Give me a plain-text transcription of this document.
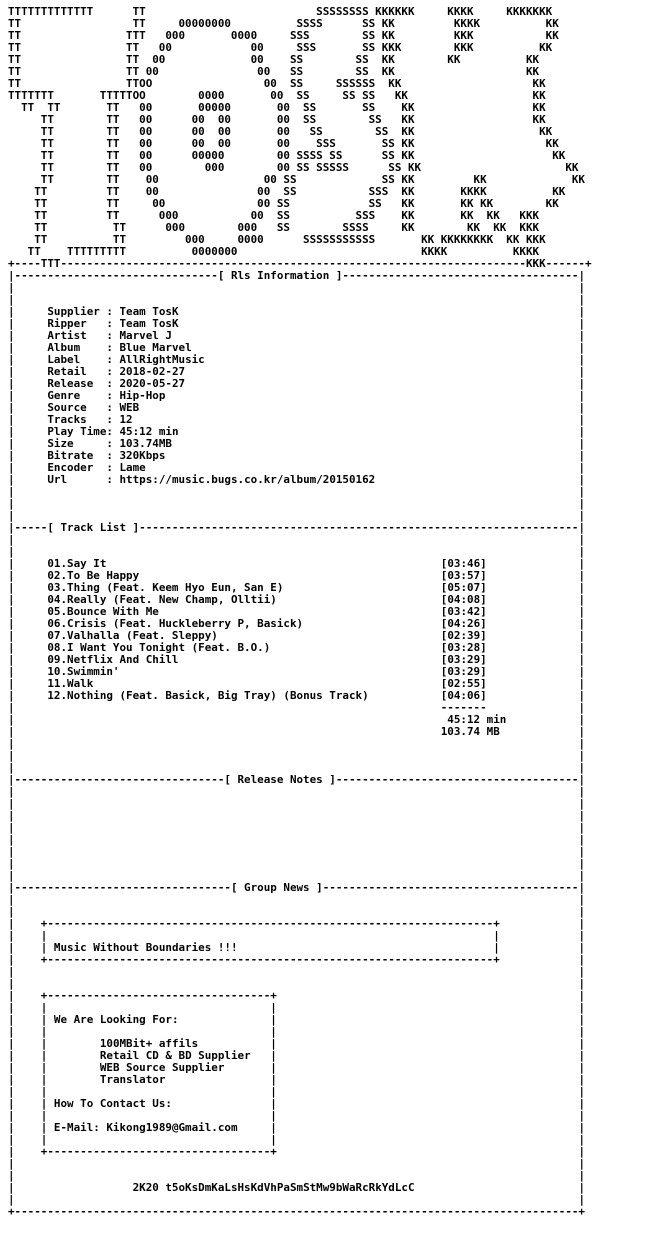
TTTTTTTTTTTTT      TT                          SSSSSSSS KKKKKK     KKKK     KKKKKKK
TT                 TT     00000000          SSSS      SS KK         KKKK          KK
TT                TTT   000       0000     SSS        SS KK         KKK           KK
TT                TT   00            00     SSS       SS KKK        KKK          KK
TT                TT  00             00    SS        SS  KK        KK          KK
TT                TT 00               00   SS        SS  KK                    KK
TT                TTOO                 00  SS     SSSSSS  KK                    KK
TTTTTTT       TTTTTOO        0000       00  SS     SS SS   KK                   KK
TT  TT       TT   00       00000       00  SS       SS    KK                  KK
TT        TT   00      00  00       00  SS        SS   KK                  KK
TT        TT   00      00  00       00   SS        SS  KK                   KK
TT        TT   00      00  00       00    SSS       SS KK                    KK
TT        TT   00      00000        00 SSSS SS      SS KK                     KK
TT        TT   00        000        00 SS SSSSS      SS KK                      KK
TT        TT    00                00 SS             SS KK         KK             KK
TT         TT    00               00  SS           SSS  KK       KKKK          KK
TT         TT     00              00 SS            SS   KK       KK KK        KK
TT         TT      000           00  SS          SSS    KK       KK  KK   KKK
TT          TT      000        000   SS        SSSS     KK        KK  KK  KKK
TT          TT         000     0000      SSSSSSSSSSS       KK KKKKKKKK  KK KKK
TT    TTTTTTTTT          0000000                            KKKK          KKKK
+----TTT-----------------------------------------------------------------------KKK------+
|-------------------------------[ Rls Information ]------------------------------------|
|                                                                                      |
|                                                                                      |
|	Supplier : Team TosK                                                             |
|	Ripper   : Team TosK                                                             |
|	Artist   : Marvel J                                                              |
|	Album    : Blue Marvel                                                           |
|	Label    : AllRightMusic                                                         |
|	Retail   : 2018-02-27                                                            |
|	Release  : 2020-05-27                                                            |
|	Genre    : Hip-Hop                                                               |
|	Source   : WEB                                                                   |
|	Tracks   : 12                                                                    |
|	Play Time: 45:12 min                                                             |
|	Size     : 103.74MB                                                              |
|	Bitrate  : 320Kbps                                                               |
|	Encoder  : Lame                                                                  |
|	Url      : https://music.bugs.co.kr/album/20150162                               |
|                                                                                      |
|                                                                                      |
|                                                                                      |
|-----[ Track List ]-------------------------------------------------------------------|
|                                                                                      |
|                                                                                      |
|	01.Say It	[03:46]              |
|	02.To Be Happy	[03:57]              |
|	03.Thing (Feat. Keem Hyo Eun, San E)	[05:07]              |
|	04.Really (Feat. New Champ, Olltii)	[04:08]              |
|	05.Bounce With Me	[03:42]              |
|	06.Crisis (Feat. Huckleberry P, Basick)	[04:26]              |
|	07.Valhalla (Feat. Sleppy)	[02:39]              |
|	08.I Want You Tonight (Feat. B.O.)	[03:28]              |
|	09.Netflix And Chill	[03:29]              |
|	10.Swimmin'	[03:29]              |
|	11.Walk	[02:55]              |
|	12.Nothing (Feat. Basick, Big Tray) (Bonus Track)	[04:06]              |
|	-------              |
|	45:12 min           |
|	103.74 MB            |
|                                                                                      |
|                                                                                      |
|                                                                                      |
|--------------------------------[ Release Notes ]-------------------------------------|
|                                                                                      |
|                                                                                      |
|                                                                                      |
|                                                                                      |
|                                                                                      |
|                                                                                      |
|                                                                                      |
|                                                                                      |
|---------------------------------[ Group News ]---------------------------------------|
|                                                                                      |
|                                                                                      |
|    +--------------------------------------------------------------------+            |
|    |                                                                    |            |
|    | Music Without Boundaries !!!                                       |            |
|    +--------------------------------------------------------------------+            |
|                                                                                      |
|                                                                                      |
|    +----------------------------------+                                              |
|    |                                  |                                              |
|    | We Are Looking For:              |                                              |
|    |                                  |                                              |
|    |	100MBit+ affils           |                                              |
|    |	Retail CD & BD Supplier   |                                              |
|    |	WEB Source Supplier       |                                              |
|    |	Translator                |                                              |
|    |                                  |                                              |
|    | How To Contact Us:               |                                              |
|    |                                  |                                              |
|    | E-Mail: Kikong1989@Gmail.com     |                                              |
|    |                                  |                                              |
|    +----------------------------------+                                              |
|                                                                                      |
|                                                                                      |
|	2K20 t5oKsDmKaLsHsKdVhPaSmStMw9bWaRcRkYdLcC                         |
|                                                                                      |
+--------------------------------------------------------------------------------------+
